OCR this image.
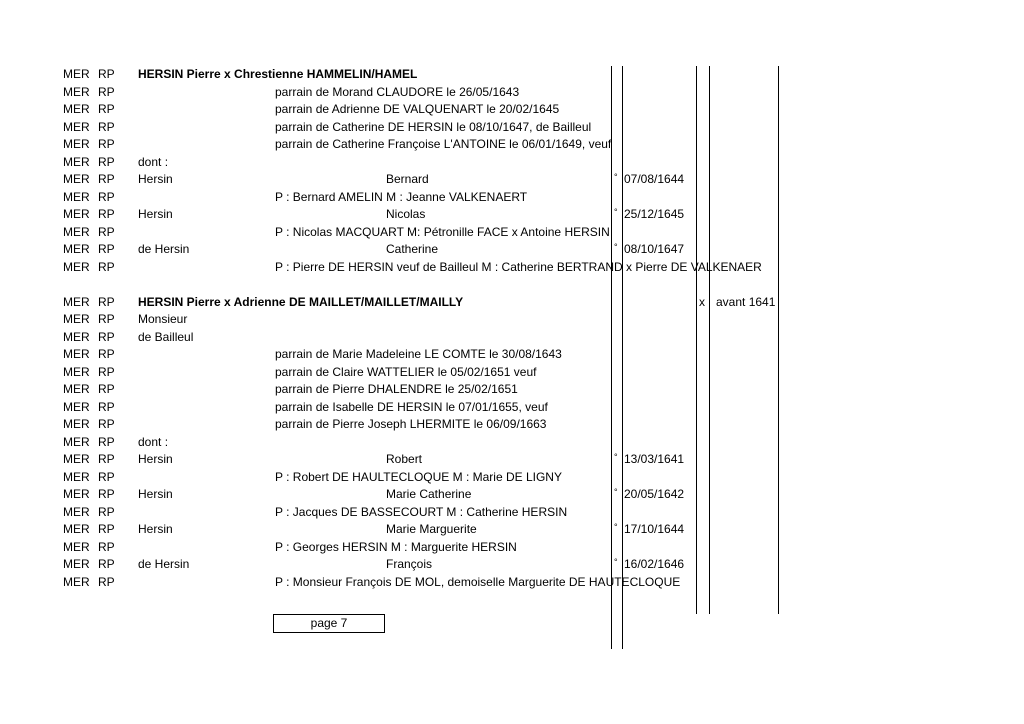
MER RP HERSIN Pierre x Chrestienne HAMMELIN/HAMEL
MER RP	parrain de Morand CLAUDORE le 26/05/1643
MER RP	parrain de Adrienne DE VALQUENART le 20/02/1645
MER RP	parrain de Catherine DE HERSIN le 08/10/1647, de Bailleul
MER RP	parrain de Catherine Françoise L'ANTOINE le 06/01/1649, veuf
MER RP dont :
MER RP Hersin	Bernard	° 07/08/1644
MER RP	P : Bernard AMELIN M : Jeanne VALKENAERT
MER RP Hersin	Nicolas	° 25/12/1645
MER RP	P : Nicolas MACQUART M: Pétronille FACE x Antoine HERSIN
MER RP de Hersin	Catherine	° 08/10/1647
MER RP	P : Pierre DE HERSIN veuf de Bailleul M : Catherine BERTRAND x Pierre DE VALKENAER
MER RP HERSIN Pierre x Adrienne DE MAILLET/MAILLET/MAILLY	x avant 1641
MER RP Monsieur
MER RP de Bailleul
MER RP	parrain de Marie Madeleine LE COMTE le 30/08/1643
MER RP	parrain de Claire WATTELIER le 05/02/1651 veuf
MER RP	parrain de Pierre DHALENDRE le 25/02/1651
MER RP	parrain de Isabelle DE HERSIN le 07/01/1655, veuf
MER RP	parrain de Pierre Joseph LHERMITE le 06/09/1663
MER RP dont :
MER RP Hersin	Robert	° 13/03/1641
MER RP	P : Robert DE HAULTECLOQUE M : Marie DE LIGNY
MER RP Hersin	Marie Catherine	° 20/05/1642
MER RP	P : Jacques DE BASSECOURT M : Catherine HERSIN
MER RP Hersin	Marie Marguerite	° 17/10/1644
MER RP	P : Georges HERSIN M : Marguerite HERSIN
MER RP de Hersin	François	° 16/02/1646
MER RP	P : Monsieur François DE MOL, demoiselle Marguerite DE HAUTECLOQUE
page 7
